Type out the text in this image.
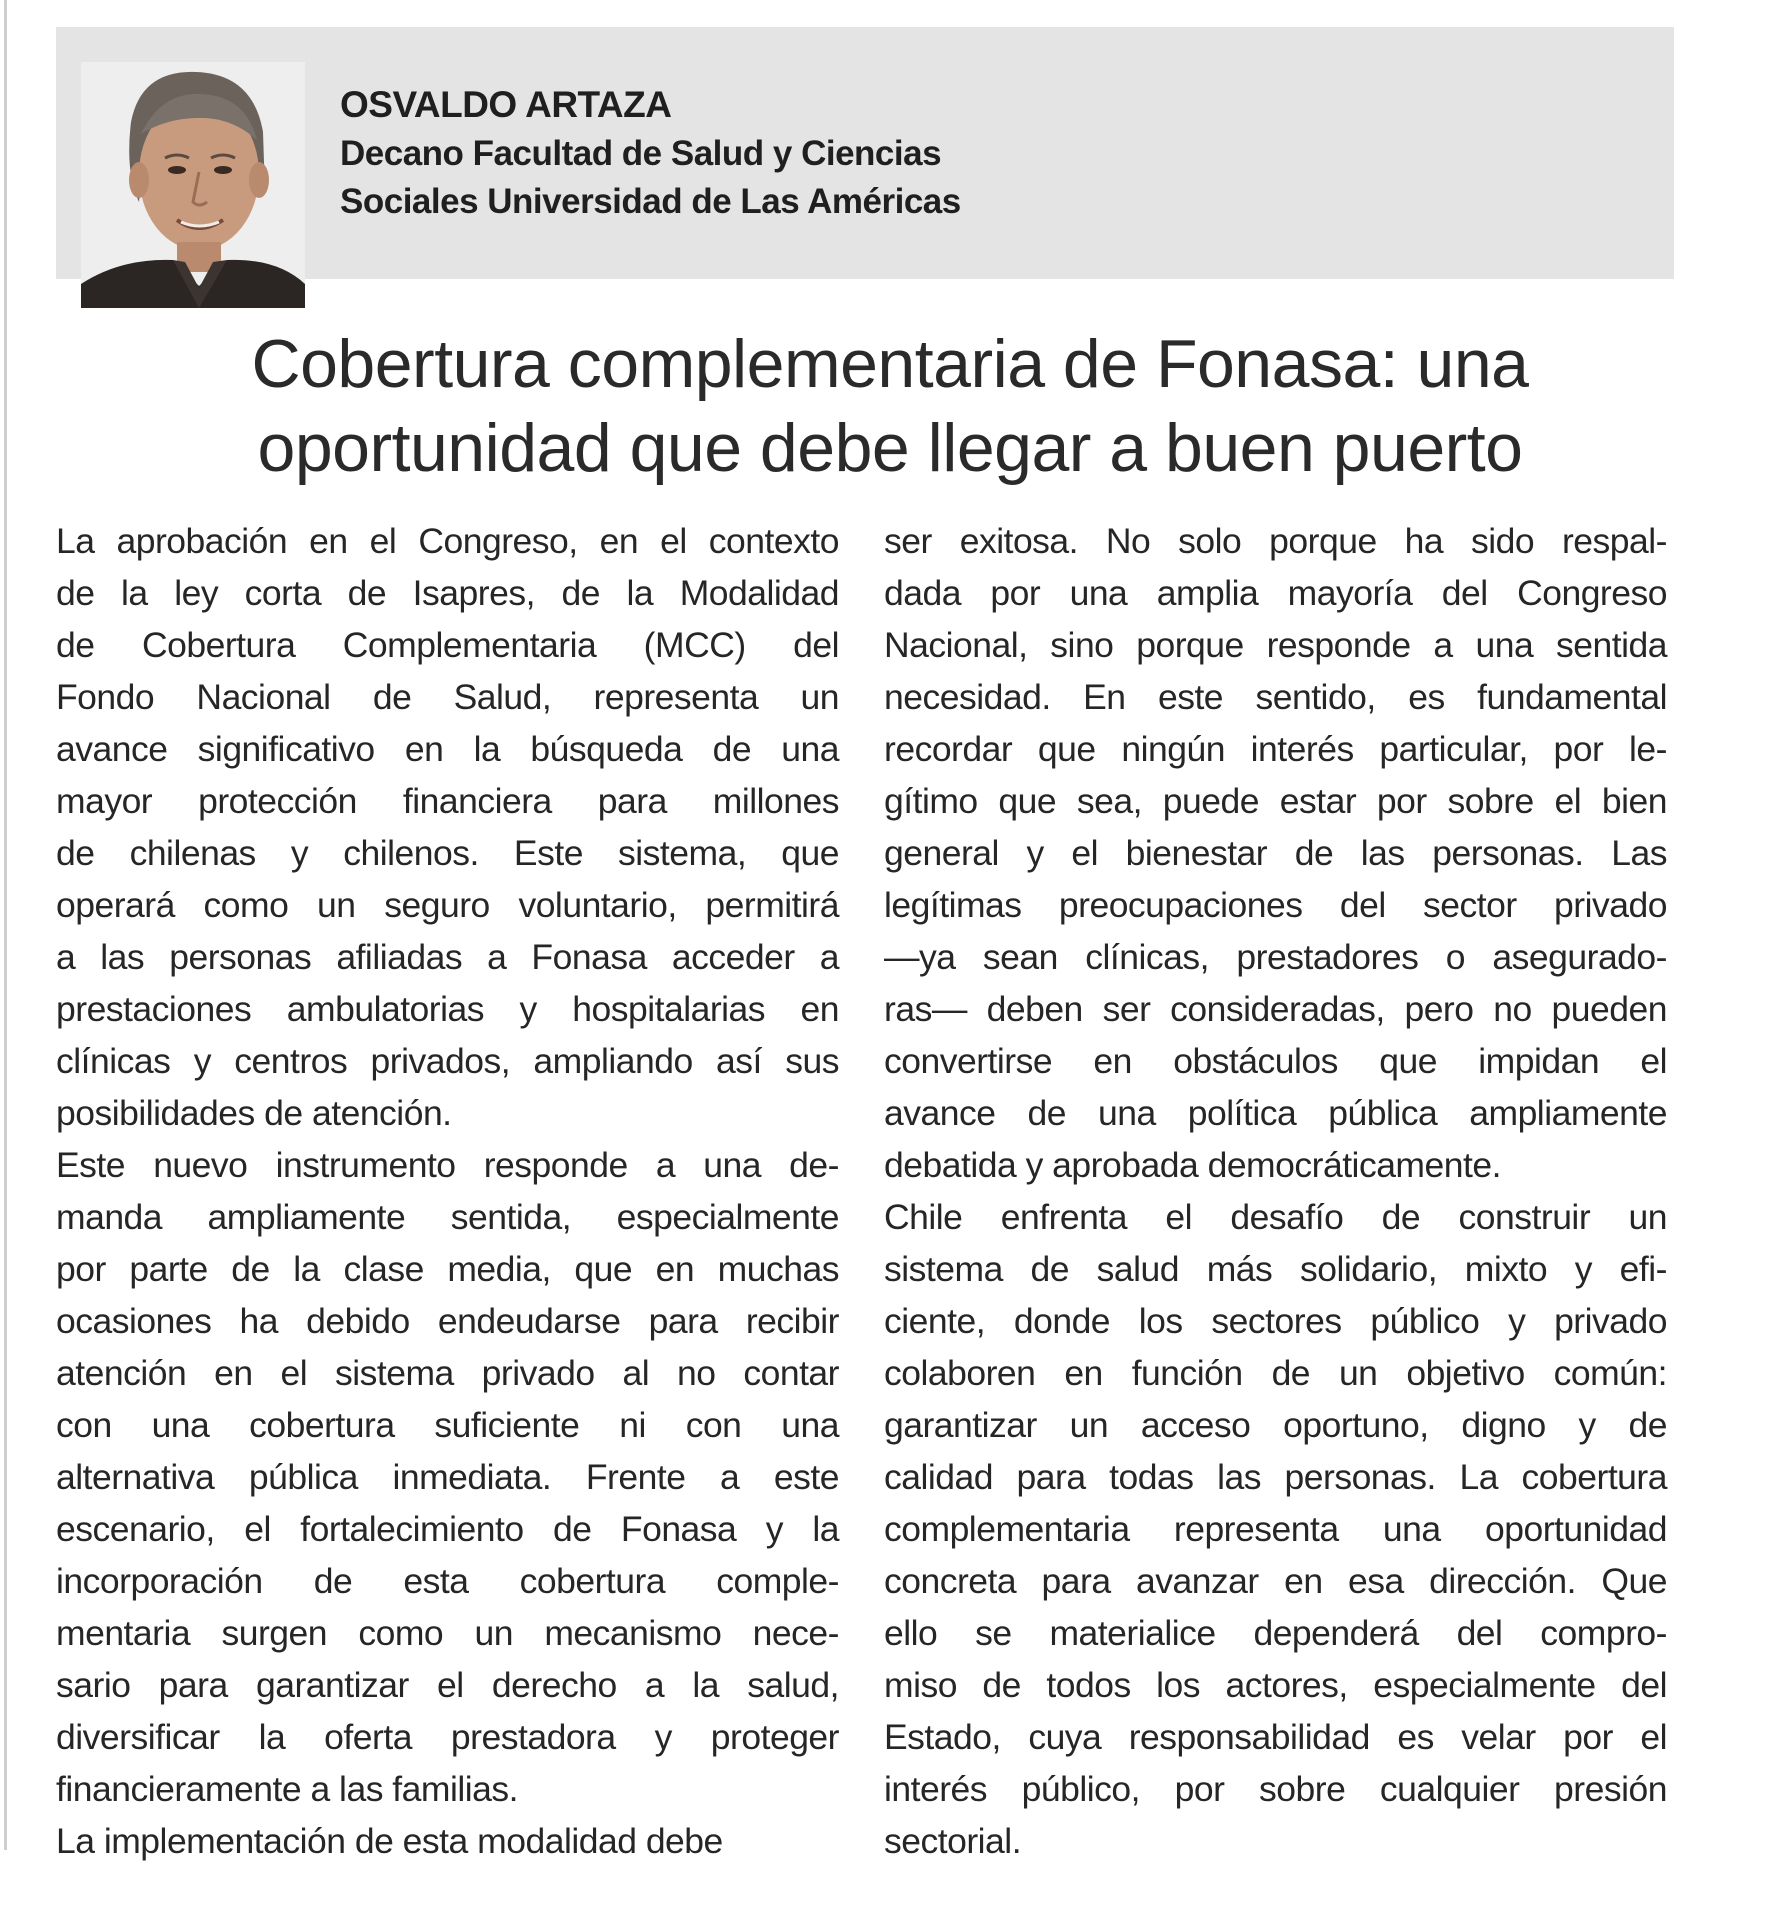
OSVALDO ARTAZA
Decano Facultad de Salud y Ciencias
Sociales Universidad de Las Américas
Cobertura complementaria de Fonasa: una
oportunidad que debe llegar a buen puerto
La aprobación en el Congreso, en el contexto
de la ley corta de Isapres, de la Modalidad
de Cobertura Complementaria (MCC) del
Fondo Nacional de Salud, representa un
avance significativo en la búsqueda de una
mayor protección financiera para millones
de chilenas y chilenos. Este sistema, que
operará como un seguro voluntario, permitirá
a las personas afiliadas a Fonasa acceder a
prestaciones ambulatorias y hospitalarias en
clínicas y centros privados, ampliando así sus
posibilidades de atención.
Este nuevo instrumento responde a una de-
manda ampliamente sentida, especialmente
por parte de la clase media, que en muchas
ocasiones ha debido endeudarse para recibir
atención en el sistema privado al no contar
con una cobertura suficiente ni con una
alternativa pública inmediata. Frente a este
escenario, el fortalecimiento de Fonasa y la
incorporación de esta cobertura comple-
mentaria surgen como un mecanismo nece-
sario para garantizar el derecho a la salud,
diversificar la oferta prestadora y proteger
financieramente a las familias.
La implementación de esta modalidad debe
ser exitosa. No solo porque ha sido respal-
dada por una amplia mayoría del Congreso
Nacional, sino porque responde a una sentida
necesidad. En este sentido, es fundamental
recordar que ningún interés particular, por le-
gítimo que sea, puede estar por sobre el bien
general y el bienestar de las personas. Las
legítimas preocupaciones del sector privado
—ya sean clínicas, prestadores o asegurado-
ras— deben ser consideradas, pero no pueden
convertirse en obstáculos que impidan el
avance de una política pública ampliamente
debatida y aprobada democráticamente.
Chile enfrenta el desafío de construir un
sistema de salud más solidario, mixto y efi-
ciente, donde los sectores público y privado
colaboren en función de un objetivo común:
garantizar un acceso oportuno, digno y de
calidad para todas las personas. La cobertura
complementaria representa una oportunidad
concreta para avanzar en esa dirección. Que
ello se materialice dependerá del compro-
miso de todos los actores, especialmente del
Estado, cuya responsabilidad es velar por el
interés público, por sobre cualquier presión
sectorial.
